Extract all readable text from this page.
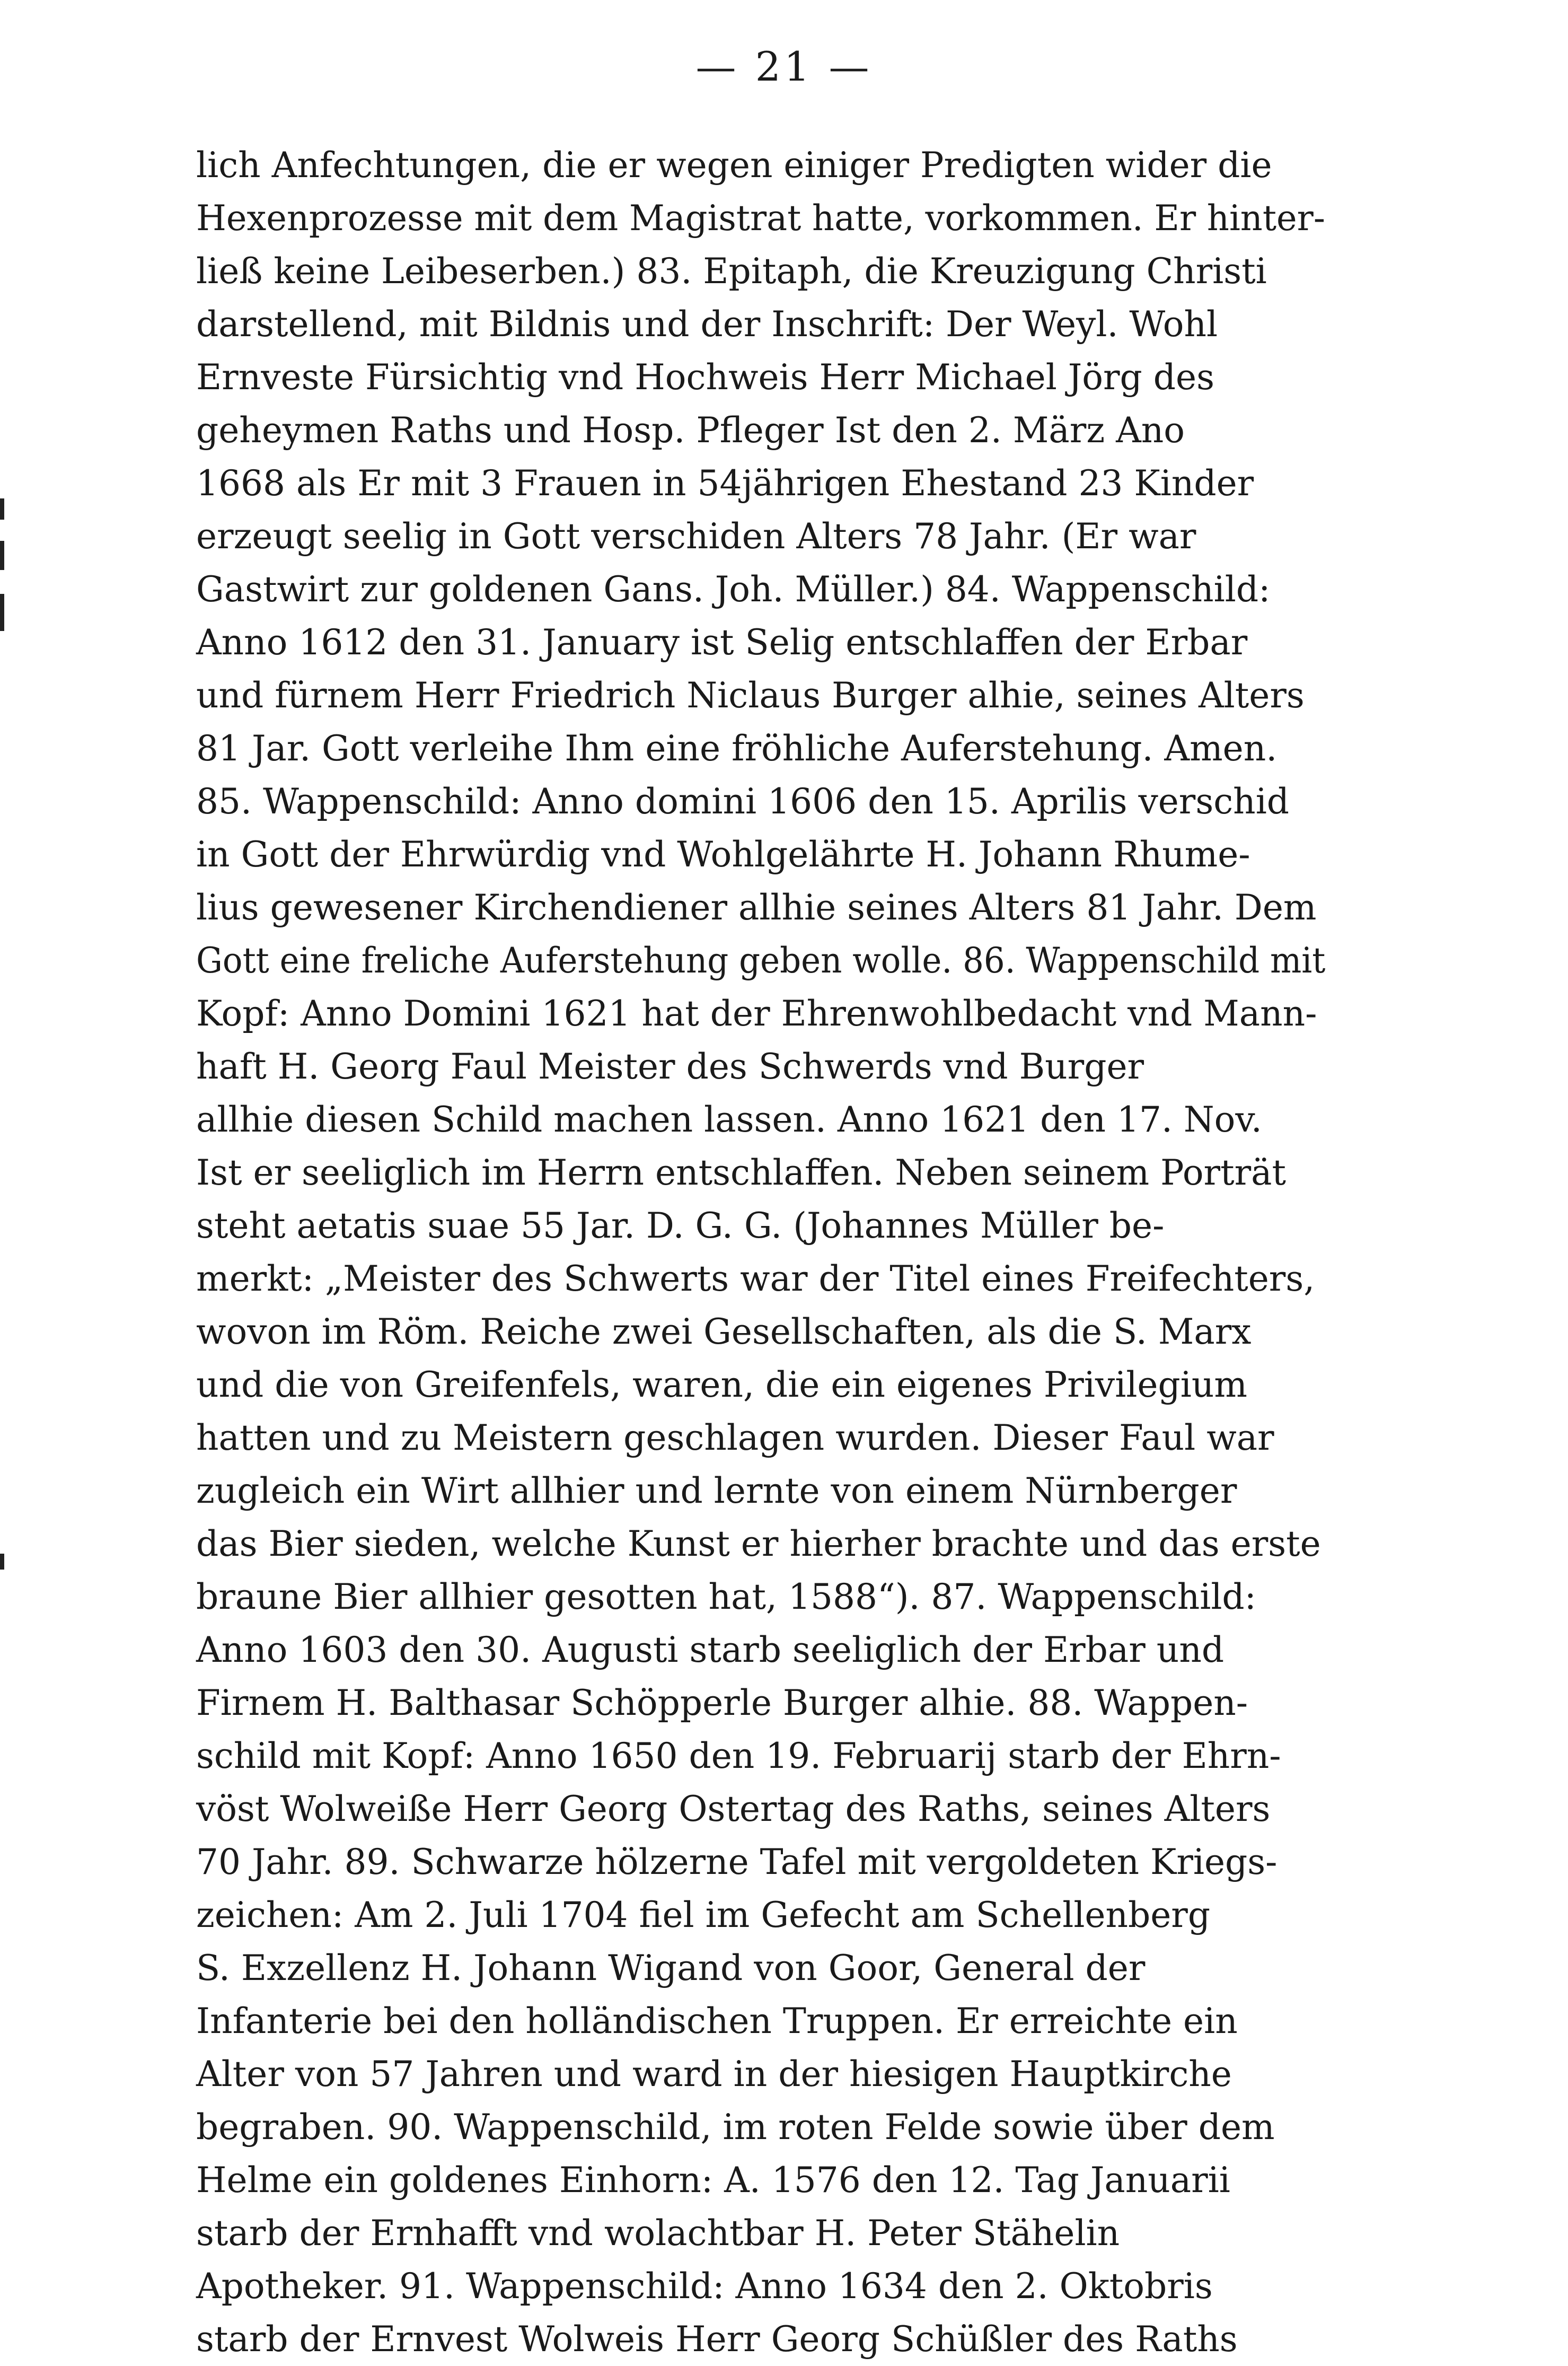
— 21 —
lich Anfechtungen, die er wegen einiger Predigten wider die
Hexenprozesse mit dem Magistrat hatte, vorkommen. Er hinter-
ließ keine Leibeserben.) 83. Epitaph, die Kreuzigung Christi
darstellend, mit Bildnis und der Inschrift: Der Weyl. Wohl
Ernveste Fürsichtig vnd Hochweis Herr Michael Jörg des
geheymen Raths und Hosp. Pfleger Ist den 2. März Ano
1668 als Er mit 3 Frauen in 54jährigen Ehestand 23 Kinder
erzeugt seelig in Gott verschiden Alters 78 Jahr. (Er war
Gastwirt zur goldenen Gans. Joh. Müller.) 84. Wappenschild:
Anno 1612 den 31. January ist Selig entschlaffen der Erbar
und fürnem Herr Friedrich Niclaus Burger alhie, seines Alters
81 Jar. Gott verleihe Ihm eine fröhliche Auferstehung. Amen.
85. Wappenschild: Anno domini 1606 den 15. Aprilis verschid
in Gott der Ehrwürdig vnd Wohlgelährte H. Johann Rhume-
lius gewesener Kirchendiener allhie seines Alters 81 Jahr. Dem
Gott eine freliche Auferstehung geben wolle. 86. Wappenschild mit
Kopf: Anno Domini 1621 hat der Ehrenwohlbedacht vnd Mann-
haft H. Georg Faul Meister des Schwerds vnd Burger
allhie diesen Schild machen lassen. Anno 1621 den 17. Nov.
Ist er seeliglich im Herrn entschlaffen. Neben seinem Porträt
steht aetatis suae 55 Jar. D. G. G. (Johannes Müller be-
merkt: „Meister des Schwerts war der Titel eines Freifechters,
wovon im Röm. Reiche zwei Gesellschaften, als die S. Marx
und die von Greifenfels, waren, die ein eigenes Privilegium
hatten und zu Meistern geschlagen wurden. Dieser Faul war
zugleich ein Wirt allhier und lernte von einem Nürnberger
das Bier sieden, welche Kunst er hierher brachte und das erste
braune Bier allhier gesotten hat, 1588“). 87. Wappenschild:
Anno 1603 den 30. Augusti starb seeliglich der Erbar und
Firnem H. Balthasar Schöpperle Burger alhie. 88. Wappen-
schild mit Kopf: Anno 1650 den 19. Februarij starb der Ehrn-
vöst Wolweiße Herr Georg Ostertag des Raths, seines Alters
70 Jahr. 89. Schwarze hölzerne Tafel mit vergoldeten Kriegs-
zeichen: Am 2. Juli 1704 fiel im Gefecht am Schellenberg
S. Exzellenz H. Johann Wigand von Goor, General der
Infanterie bei den holländischen Truppen. Er erreichte ein
Alter von 57 Jahren und ward in der hiesigen Hauptkirche
begraben. 90. Wappenschild, im roten Felde sowie über dem
Helme ein goldenes Einhorn: A. 1576 den 12. Tag Januarii
starb der Ernhafft vnd wolachtbar H. Peter Stähelin
Apotheker. 91. Wappenschild: Anno 1634 den 2. Oktobris
starb der Ernvest Wolweis Herr Georg Schüßler des Raths
